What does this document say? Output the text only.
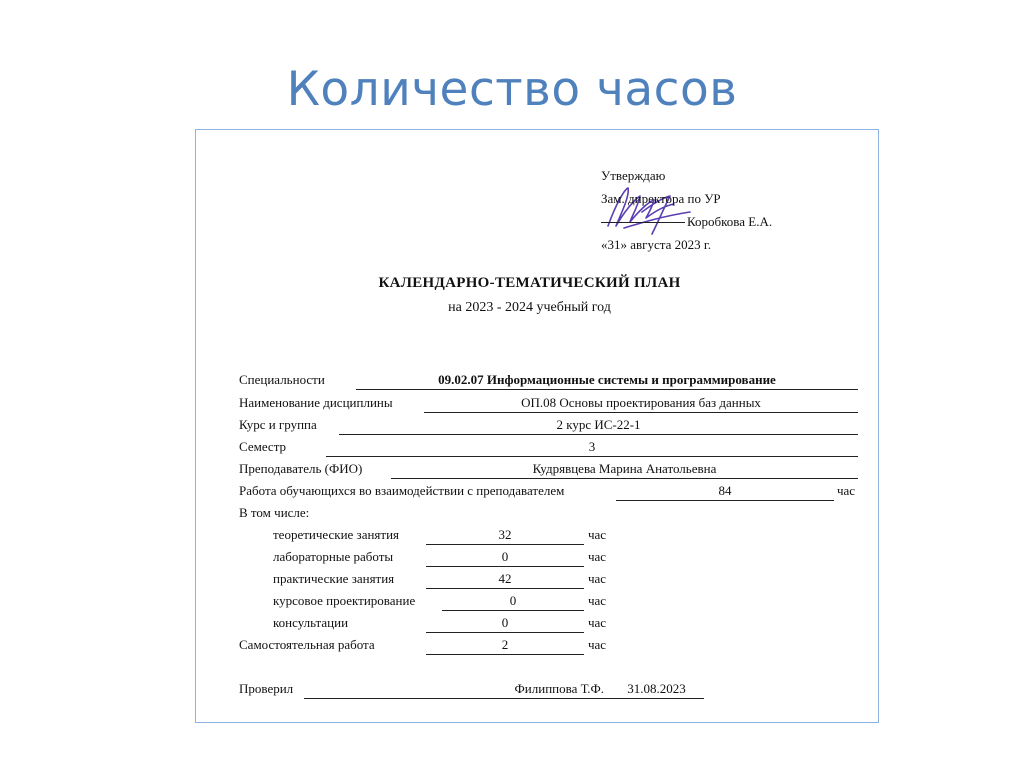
Количество часов
Утверждаю
Зам. директора по УР
Коробкова Е.А.
«31» августа 2023 г.
КАЛЕНДАРНО-ТЕМАТИЧЕСКИЙ ПЛАН
на 2023 - 2024 учебный год
Специальности	09.02.07 Информационные системы и программирование
Наименование дисциплины	ОП.08 Основы проектирования баз данных
Курс и группа	2 курс ИС-22-1
Семестр	3
Преподаватель (ФИО)	Кудрявцева Марина Анатольевна
Работа обучающихся во взаимодействии с преподавателем	84	час
В том числе:
теоретические занятия	32	час
лабораторные работы	0	час
практические занятия	42	час
курсовое проектирование	0	час
консультации	0	час
Самостоятельная работа	2	час
Проверил	Филиппова Т.Ф.	31.08.2023
